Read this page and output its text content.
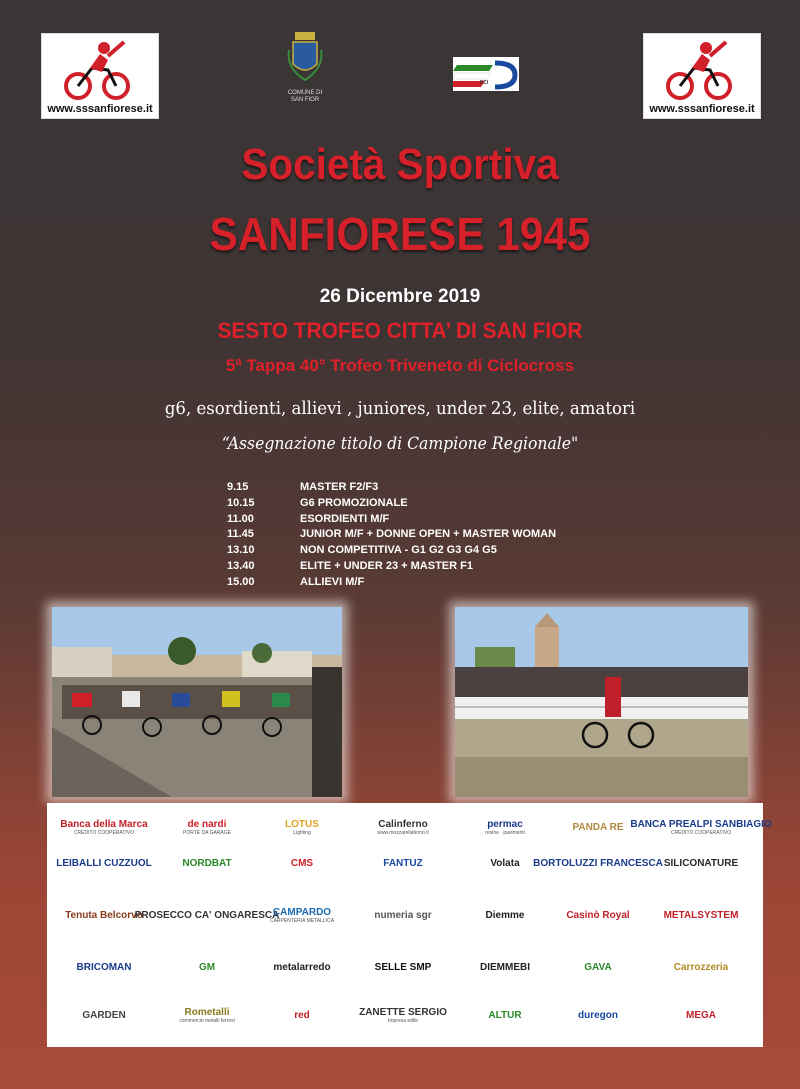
www.sssanfiorese.it
COMUNE DI
SAN FIOR
FCI
www.sssanfiorese.it
Società Sportiva
SANFIORESE 1945
26 Dicembre 2019
SESTO TROFEO CITTA’ DI SAN FIOR
5ª Tappa 40° Trofeo Triveneto di Ciclocross
g6, esordienti, allievi , juniores, under 23, elite, amatori
“Assegnazione titolo di Campione Regionale"
9.15	MASTER F2/F3
10.15	G6 PROMOZIONALE
11.00	ESORDIENTI M/F
11.45	JUNIOR M/F + DONNE OPEN + MASTER WOMAN
13.10	NON COMPETITIVA - G1 G2 G3 G4 G5
13.40	ELITE + UNDER 23 + MASTER F1
15.00	ALLIEVI M/F
Banca della Marca
CREDITO COOPERATIVO
de nardi
PORTE DA GARAGE
LOTUS
Lighting
Calinferno
www.mozzarellaferno.it
permac
resine · pavimenti	PANDA RE BANCA PREALPI SANBIAGIO
CREDITO COOPERATIVO
LEIBALLI CUZZUOL	NORDBAT	CMS	FANTUZ	Volata BORTOLUZZI FRANCESCA SILICONATURE
Tenuta Belcorvo
PROSECCO CA' ONGARESCA
CAMPARDO
CARPENTERIA METALLICA	numeria sgr	Diemme	Casinò Royal	METALSYSTEM
BRICOMAN	GM	metalarredo	SELLE SMP	DIEMMEBI	GAVA	Carrozzeria
GARDEN	Rometalli
commercio metalli ferrosi	red	ZANETTE SERGIO
Impresa edile	ALTUR	duregon	MEGA
